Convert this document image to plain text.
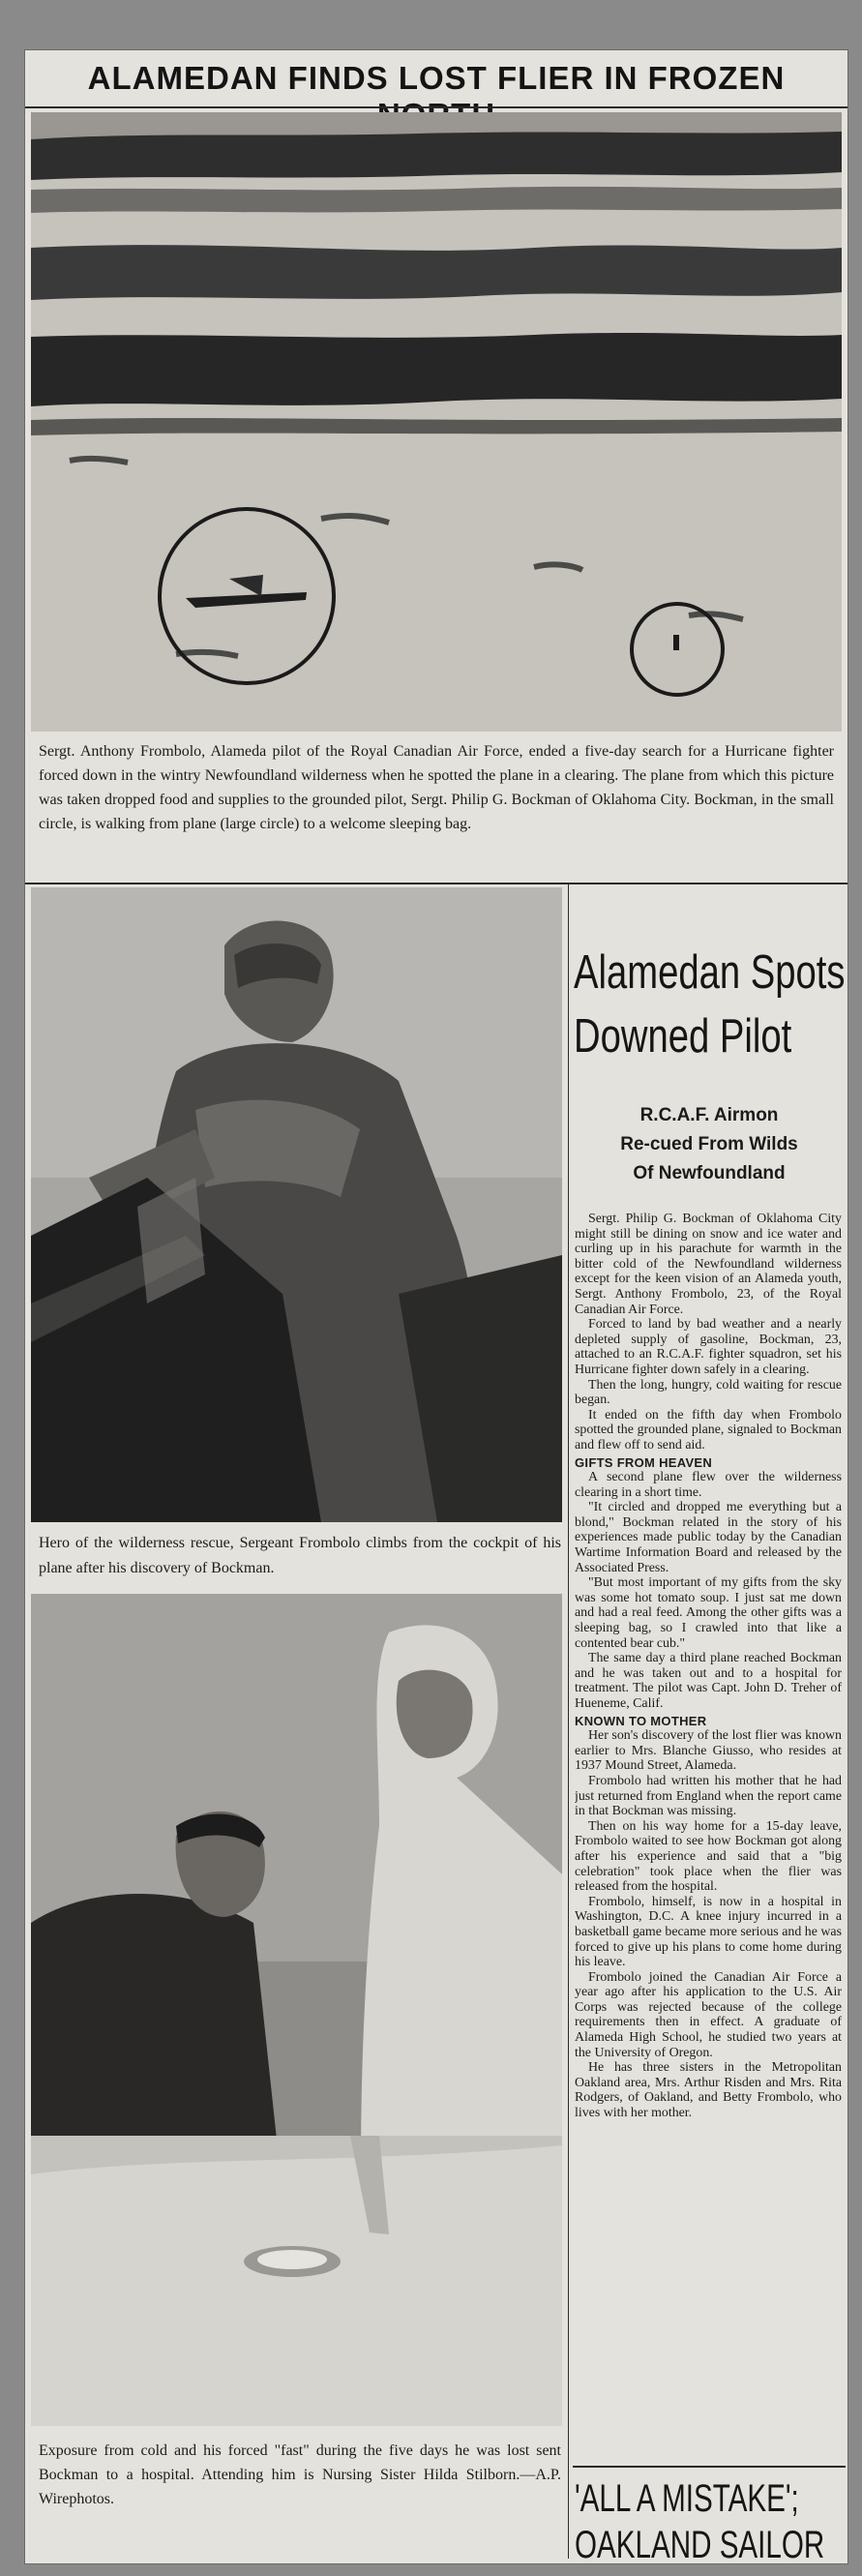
ALAMEDAN FINDS LOST FLIER IN FROZEN
Sergt. Anthony Frombolo, Alameda pilot of the Royal Canadian Air Force, ended a five-day search for a Hurricane fighter forced down in the wintry Newfoundland wilderness when he spotted the plane in a clearing. The plane from which this picture was taken dropped food and supplies to the grounded pilot, Sergt. Philip G. Bockman of Oklahoma City. Bockman, in the small circle, is walking from plane (large circle) to a welcome sleeping bag.
Hero of the wilderness rescue, Sergeant Frombolo climbs from the cockpit of his plane after his discovery of Bockman.
Exposure from cold and his forced "fast" during the five days he was lost sent Bockman to a hospital. Attending him is Nursing Sister Hilda Stilborn.—A.P. Wirephotos.
Alamedan Spots
Downed Pilot
R.C.A.F. Airmon
Re-cued From Wilds
Of Newfoundland

Sergt. Philip G. Bockman of Oklahoma City might still be dining on snow and ice water and curling up in his parachute for warmth in the bitter cold of the Newfoundland wilderness except for the keen vision of an Alameda youth, Sergt. Anthony Frombolo, 23, of the Royal Canadian Air Force.

Forced to land by bad weather and a nearly depleted supply of gasoline, Bockman, 23, attached to an R.C.A.F. fighter squadron, set his Hurricane fighter down safely in a clearing.

Then the long, hungry, cold waiting for rescue began.

It ended on the fifth day when Frombolo spotted the grounded plane, signaled to Bockman and flew off to send aid.

GIFTS FROM HEAVEN

A second plane flew over the wilderness clearing in a short time.

"It circled and dropped me everything but a blond," Bockman related in the story of his experiences made public today by the Canadian Wartime Information Board and released by the Associated Press.

"But most important of my gifts from the sky was some hot tomato soup. I just sat me down and had a real feed. Among the other gifts was a sleeping bag, so I crawled into that like a contented bear cub."

The same day a third plane reached Bockman and he was taken out and to a hospital for treatment. The pilot was Capt. John D. Treher of Hueneme, Calif.

KNOWN TO MOTHER

Her son's discovery of the lost flier was known earlier to Mrs. Blanche Giusso, who resides at 1937 Mound Street, Alameda.

Frombolo had written his mother that he had just returned from England when the report came in that Bockman was missing.

Then on his way home for a 15-day leave, Frombolo waited to see how Bockman got along after his experience and said that a "big celebration" took place when the flier was released from the hospital.

Frombolo, himself, is now in a hospital in Washington, D.C. A knee injury incurred in a basketball game became more serious and he was forced to give up his plans to come home during his leave.

Frombolo joined the Canadian Air Force a year ago after his application to the U.S. Air Corps was rejected because of the college requirements then in effect. A graduate of Alameda High School, he studied two years at the University of Oregon.

He has three sisters in the Metropolitan Oakland area, Mrs. Arthur Risden and Mrs. Rita Rodgers, of Oakland, and Betty Frombolo, who lives with her mother.

'ALL A MISTAKE'; OAKLAND SAILOR
